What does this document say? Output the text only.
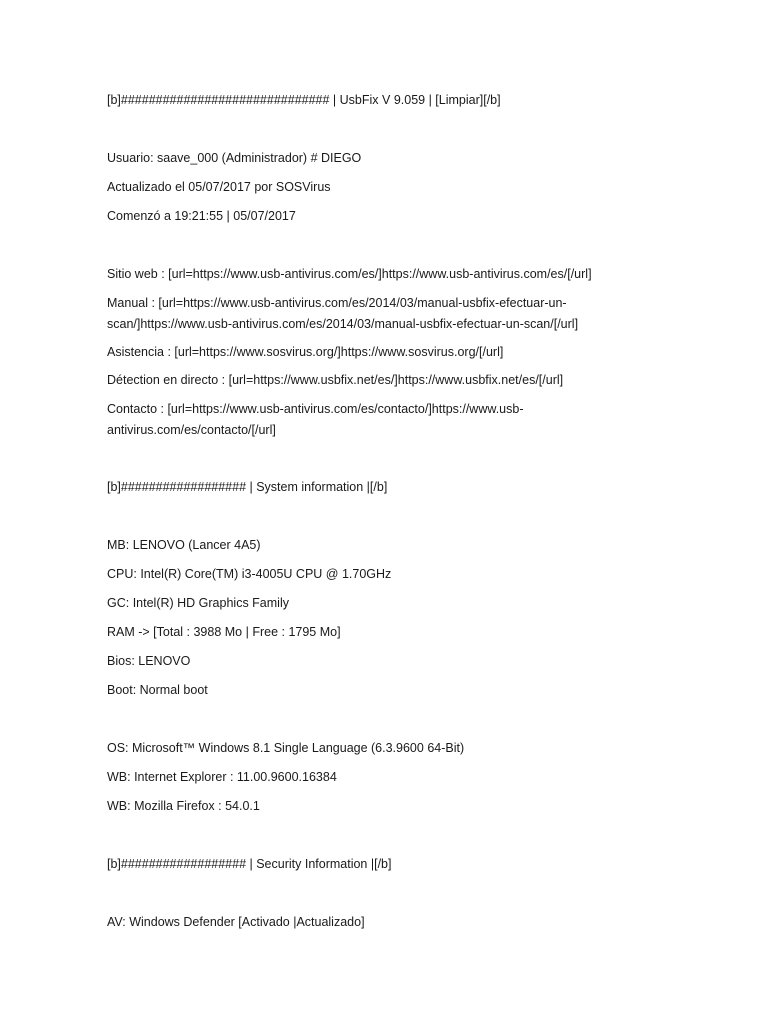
[b]############################## | UsbFix V 9.059 | [Limpiar][/b]
Usuario: saave_000 (Administrador) # DIEGO
Actualizado el 05/07/2017 por SOSVirus
Comenzó a 19:21:55 | 05/07/2017
Sitio web : [url=https://www.usb-antivirus.com/es/]https://www.usb-antivirus.com/es/[/url]
Manual : [url=https://www.usb-antivirus.com/es/2014/03/manual-usbfix-efectuar-un-scan/]https://www.usb-antivirus.com/es/2014/03/manual-usbfix-efectuar-un-scan/[/url]
Asistencia : [url=https://www.sosvirus.org/]https://www.sosvirus.org/[/url]
Détection en directo : [url=https://www.usbfix.net/es/]https://www.usbfix.net/es/[/url]
Contacto : [url=https://www.usb-antivirus.com/es/contacto/]https://www.usb-antivirus.com/es/contacto/[/url]
[b]################## | System information |[/b]
MB: LENOVO (Lancer 4A5)
CPU: Intel(R) Core(TM) i3-4005U CPU @ 1.70GHz
GC: Intel(R) HD Graphics Family
RAM -> [Total : 3988 Mo | Free : 1795 Mo]
Bios: LENOVO
Boot: Normal boot
OS: Microsoft™ Windows 8.1 Single Language (6.3.9600 64-Bit)
WB: Internet Explorer : 11.00.9600.16384
WB: Mozilla Firefox : 54.0.1
[b]################## | Security Information |[/b]
AV: Windows Defender [Activado |Actualizado]
